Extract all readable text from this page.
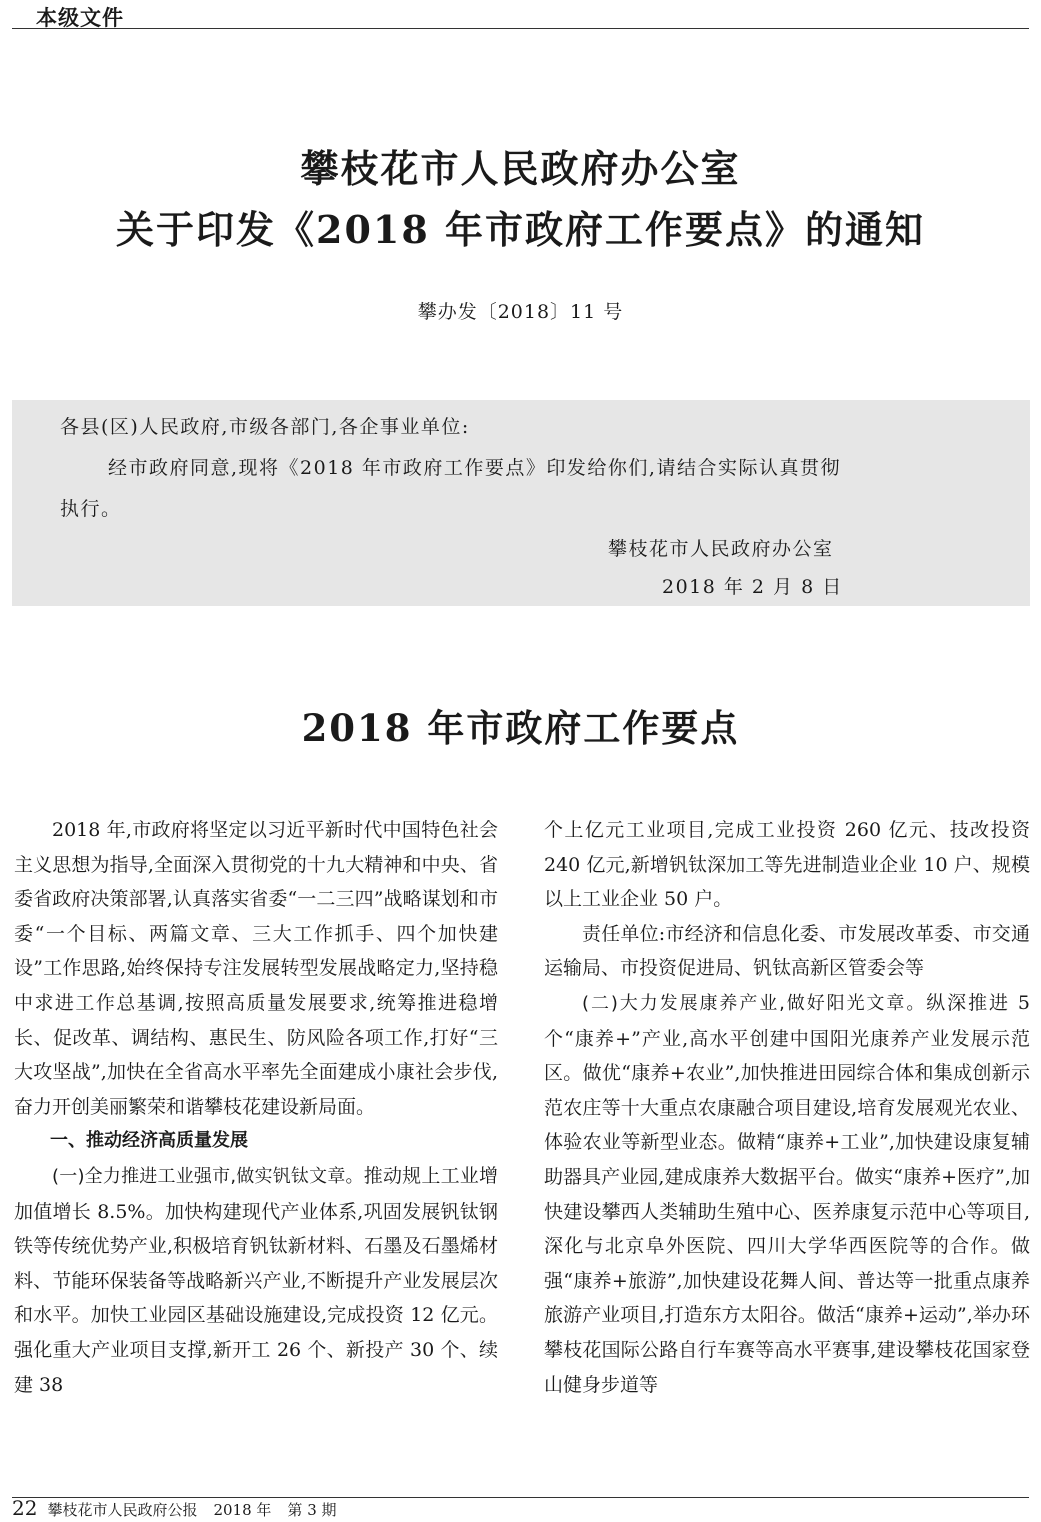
本级文件
攀枝花市人民政府办公室
关于印发《2018 年市政府工作要点》的通知
攀办发〔2018〕11 号
各县(区)人民政府,市级各部门,各企事业单位:
经市政府同意,现将《2018 年市政府工作要点》印发给你们,请结合实际认真贯彻
执行。
攀枝花市人民政府办公室
2018 年 2 月 8 日
2018 年市政府工作要点

2018 年,市政府将坚定以习近平新时代中国特色社会主义思想为指导,全面深入贯彻党的十九大精神和中央、省委省政府决策部署,认真落实省委“一二三四”战略谋划和市委“一个目标、两篇文章、三大工作抓手、四个加快建设”工作思路,始终保持专注发展转型发展战略定力,坚持稳中求进工作总基调,按照高质量发展要求,统筹推进稳增长、促改革、调结构、惠民生、防风险各项工作,打好“三大攻坚战”,加快在全省高水平率先全面建成小康社会步伐,奋力开创美丽繁荣和谐攀枝花建设新局面。

一、推动经济高质量发展

(一)全力推进工业强市,做实钒钛文章。推动规上工业增加值增长 8.5%。加快构建现代产业体系,巩固发展钒钛钢铁等传统优势产业,积极培育钒钛新材料、石墨及石墨烯材料、节能环保装备等战略新兴产业,不断提升产业发展层次和水平。加快工业园区基础设施建设,完成投资 12 亿元。强化重大产业项目支撑,新开工 26 个、新投产 30 个、续建 38

个上亿元工业项目,完成工业投资 260 亿元、技改投资 240 亿元,新增钒钛深加工等先进制造业企业 10 户、规模以上工业企业 50 户。

责任单位:市经济和信息化委、市发展改革委、市交通运输局、市投资促进局、钒钛高新区管委会等

(二)大力发展康养产业,做好阳光文章。纵深推进 5 个“康养+”产业,高水平创建中国阳光康养产业发展示范区。做优“康养+农业”,加快推进田园综合体和集成创新示范农庄等十大重点农康融合项目建设,培育发展观光农业、体验农业等新型业态。做精“康养+工业”,加快建设康复辅助器具产业园,建成康养大数据平台。做实“康养+医疗”,加快建设攀西人类辅助生殖中心、医养康复示范中心等项目,深化与北京阜外医院、四川大学华西医院等的合作。做强“康养+旅游”,加快建设花舞人间、普达等一批重点康养旅游产业项目,打造东方太阳谷。做活“康养+运动”,举办环攀枝花国际公路自行车赛等高水平赛事,建设攀枝花国家登山健身步道等

22 攀枝花市人民政府公报 2018 年 第 3 期
